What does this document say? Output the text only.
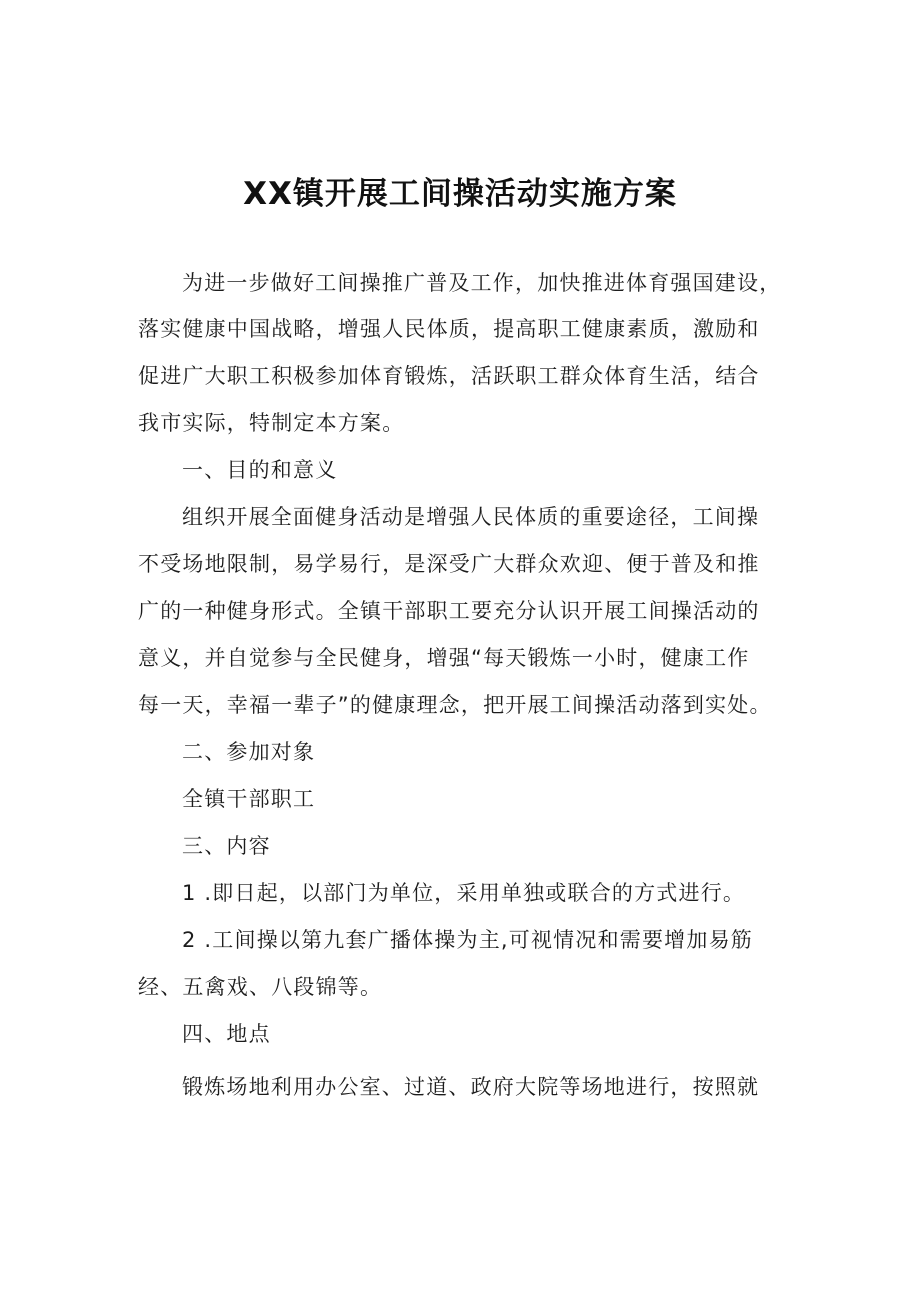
XX镇开展工间操活动实施方案
为进一步做好工间操推广普及工作，加快推进体育强国建设，
落实健康中国战略，增强人民体质，提高职工健康素质，激励和
促进广大职工积极参加体育锻炼，活跃职工群众体育生活，结合
我市实际，特制定本方案。
一、目的和意义
组织开展全面健身活动是增强人民体质的重要途径，工间操
不受场地限制，易学易行，是深受广大群众欢迎、便于普及和推
广的一种健身形式。全镇干部职工要充分认识开展工间操活动的
意义，并自觉参与全民健身，增强“每天锻炼一小时，健康工作
每一天，幸福一辈子”的健康理念，把开展工间操活动落到实处。
二、参加对象
全镇干部职工
三、内容
1 .即日起，以部门为单位，采用单独或联合的方式进行。
2 .工间操以第九套广播体操为主,可视情况和需要增加易筋
经、五禽戏、八段锦等。
四、地点
锻炼场地利用办公室、过道、政府大院等场地进行，按照就
